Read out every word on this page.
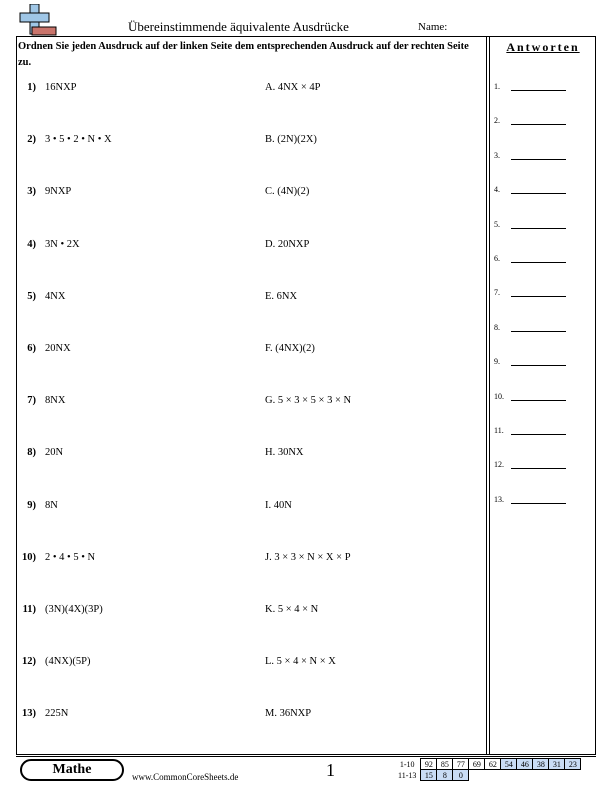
Übereinstimmende äquivalente Ausdrücke	Name:
Ordnen Sie jeden Ausdruck auf der linken Seite dem entsprechenden Ausdruck auf der rechten Seite zu.
Antworten
1) 16NXP	A. 4NX × 4P
2) 3 • 5 • 2 • N • X	B. (2N)(2X)
3) 9NXP	C. (4N)(2)
4) 3N • 2X	D. 20NXP
5) 4NX	E. 6NX
6) 20NX	F. (4NX)(2)
7) 8NX	G. 5 × 3 × 5 × 3 × N
8) 20N	H. 30NX
9) 8N	I. 40N
10) 2 • 4 • 5 • N	J. 3 × 3 × N × X × P
11) (3N)(4X)(3P)	K. 5 × 4 × N
12) (4NX)(5P)	L. 5 × 4 × N × X
13) 225N	M. 36NXP
1.
2.
3.
4.
5.
6.
7.
8.
9.
10.
11.
12.
13.
Mathe	www.CommonCoreSheets.de	1	1-10	92	85	77	69	62	54	46	38	31	23
11-13	15	8	0							
